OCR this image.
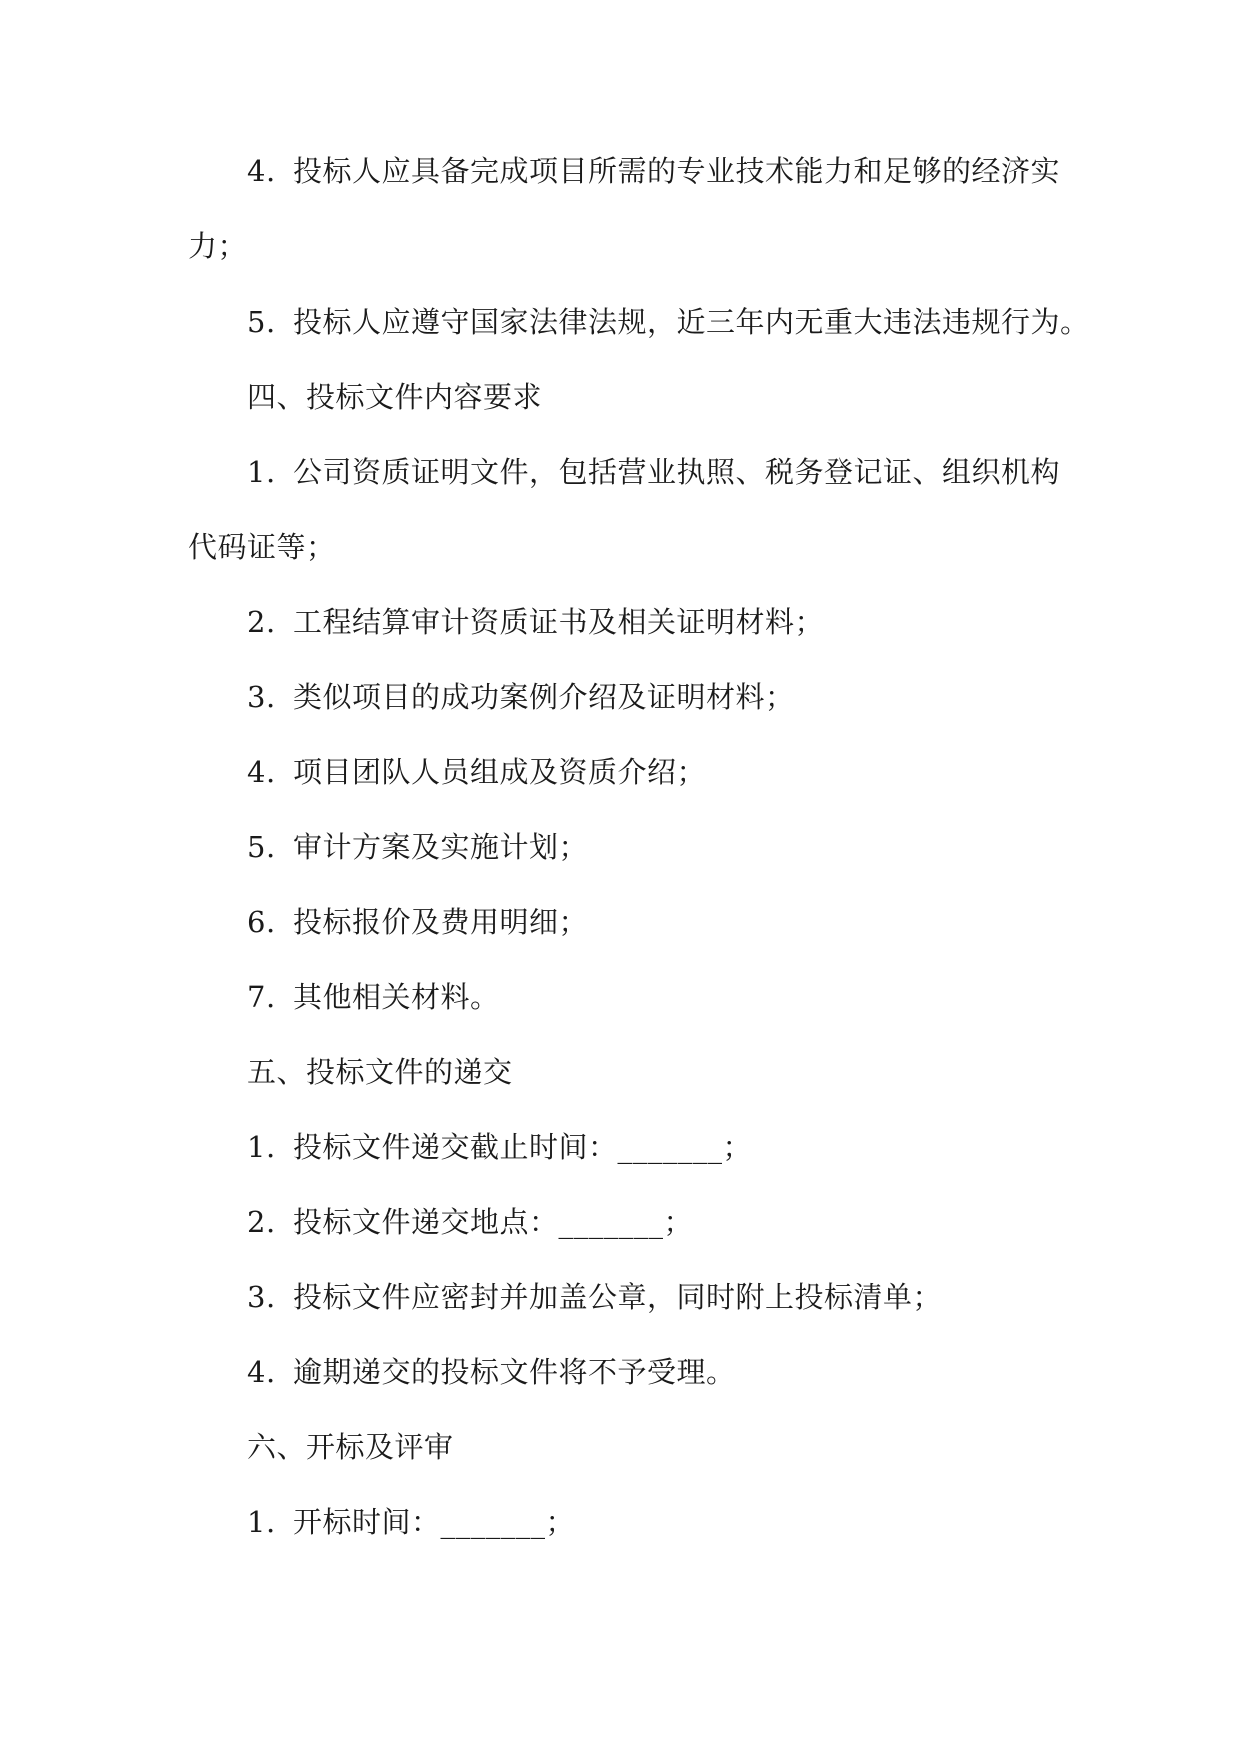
4. 投标人应具备完成项目所需的专业技术能力和足够的经济实
力；
5. 投标人应遵守国家法律法规，近三年内无重大违法违规行为。
四、投标文件内容要求
1. 公司资质证明文件，包括营业执照、税务登记证、组织机构
代码证等；
2. 工程结算审计资质证书及相关证明材料；
3. 类似项目的成功案例介绍及证明材料；
4. 项目团队人员组成及资质介绍；
5. 审计方案及实施计划；
6. 投标报价及费用明细；
7. 其他相关材料。
五、投标文件的递交
1. 投标文件递交截止时间：_______；
2. 投标文件递交地点：_______；
3. 投标文件应密封并加盖公章，同时附上投标清单；
4. 逾期递交的投标文件将不予受理。
六、开标及评审
1. 开标时间：_______；
